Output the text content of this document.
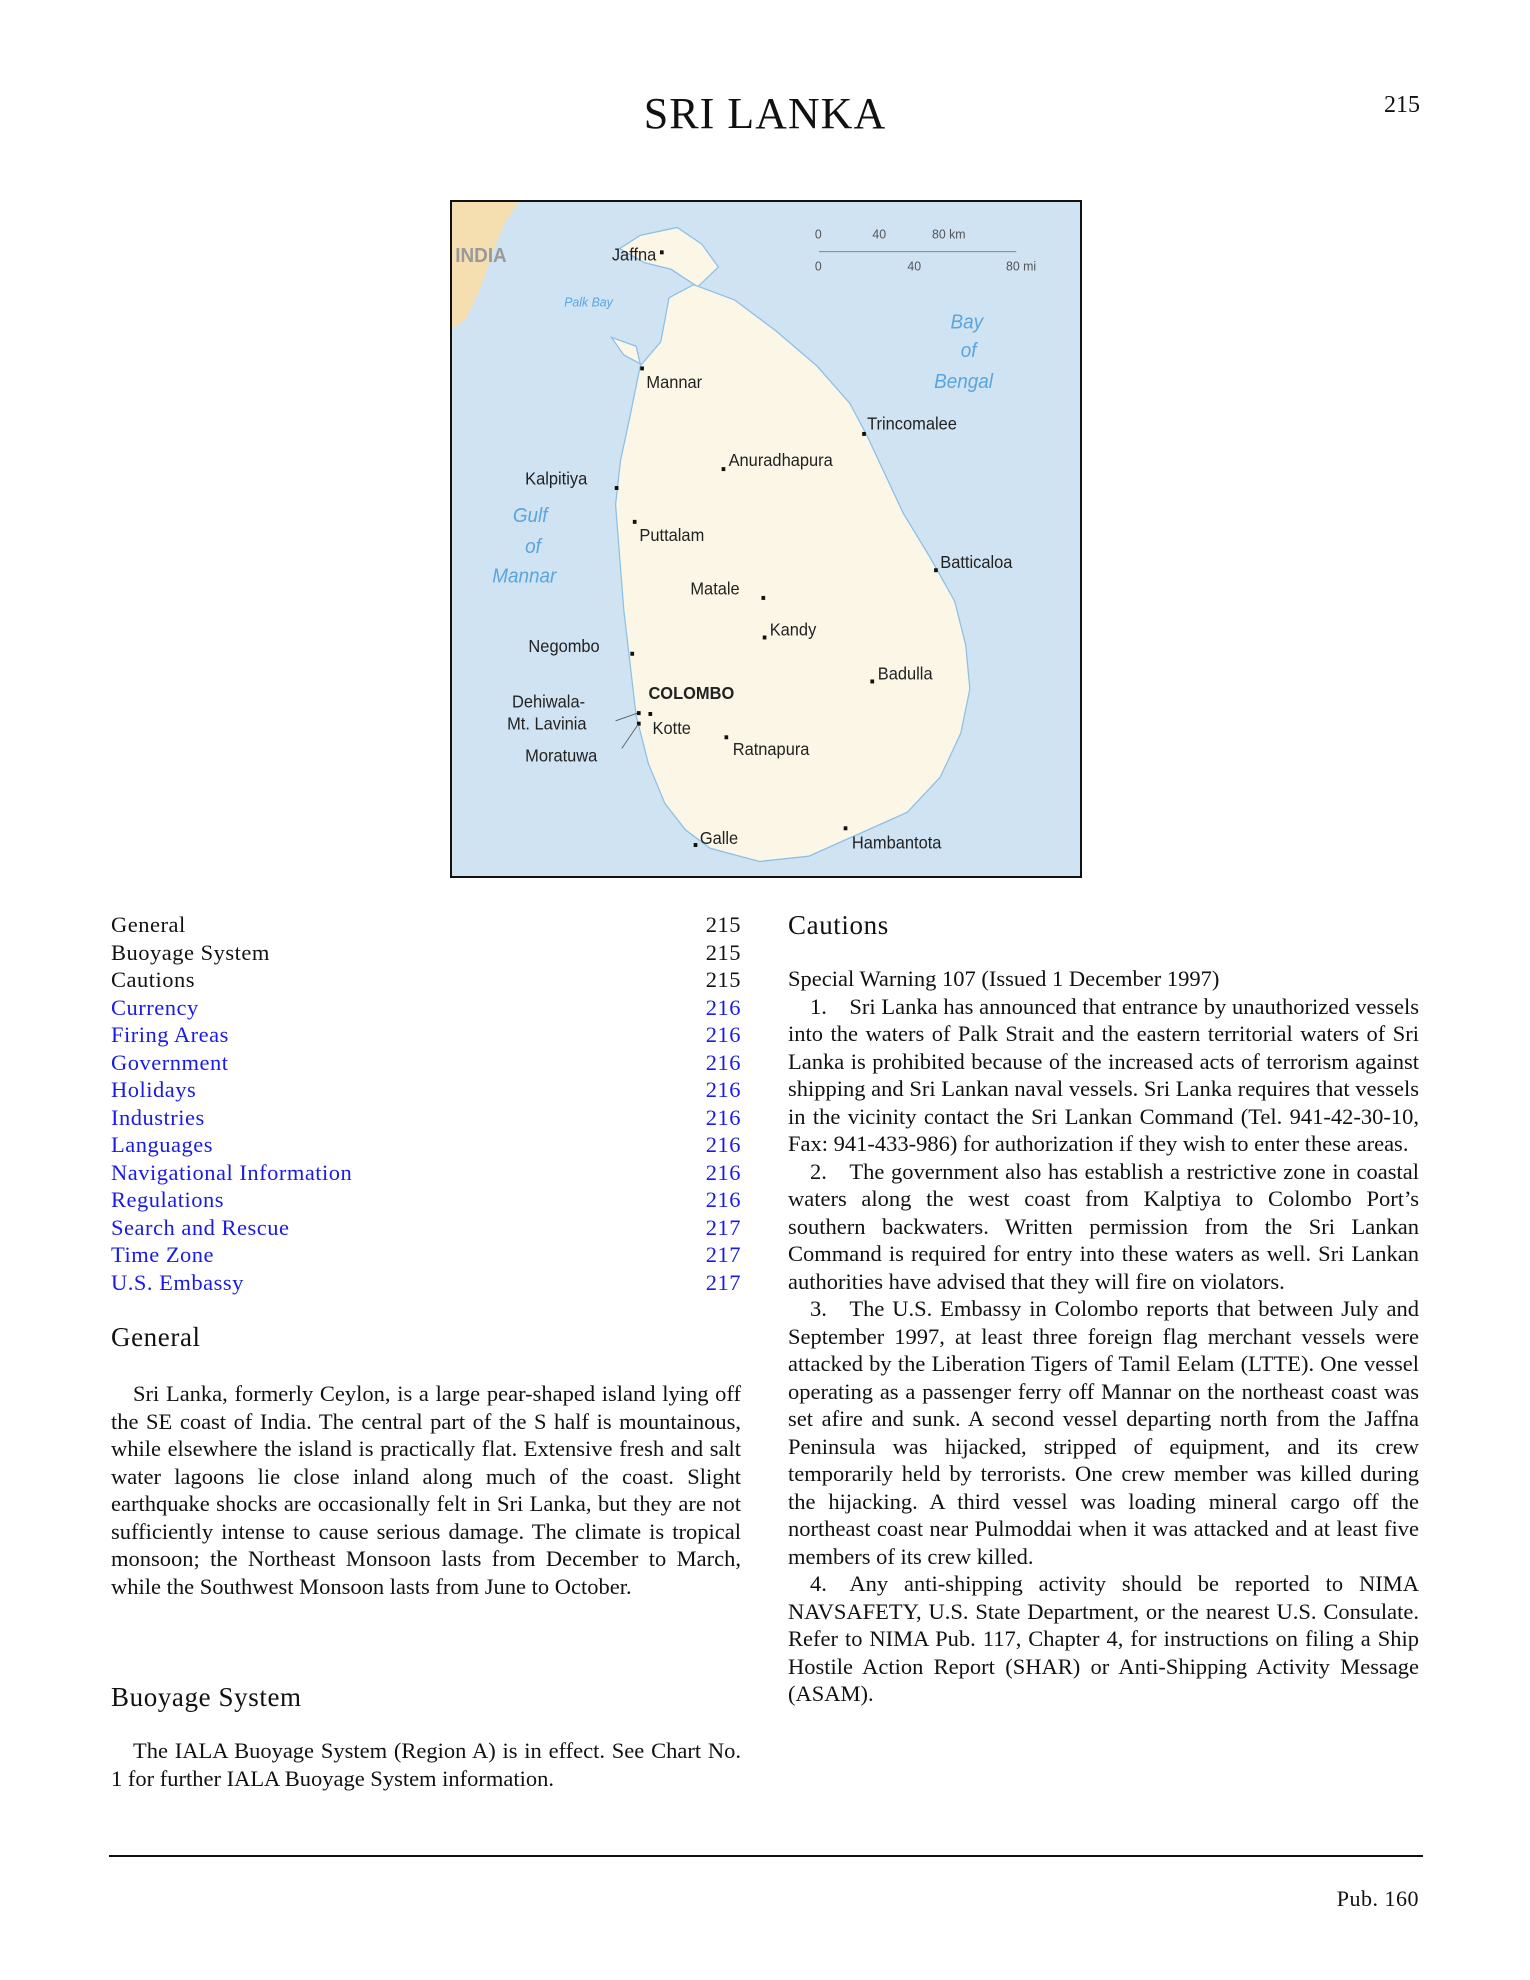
SRI LANKA	215
INDIA
Palk Bay
Bay
of
Bengal
Gulf
of
Mannar
0 40 80 km
0	40	80 mi
Jaffna
Mannar
Trincomalee
Anuradhapura
Kalpitiya
Puttalam
Batticaloa
Matale
Kandy
Negombo
Badulla
COLOMBO
Dehiwala-
Mt. Lavinia Kotte
Moratuwa	Ratnapura
Galle	Hambantota
General	215
Buoyage System	215
Cautions	215
Currency	216
Firing Areas	216
Government	216
Holidays	216
Industries	216
Languages	216
Navigational Information	216
Regulations	216
Search and Rescue	217
Time Zone	217
U.S. Embassy	217
General
Sri Lanka, formerly Ceylon, is a large pear-shaped island lying off the SE coast of India. The central part of the S half is mountainous, while elsewhere the island is practically flat. Extensive fresh and salt water lagoons lie close inland along much of the coast. Slight earthquake shocks are occasionally felt in Sri Lanka, but they are not sufficiently intense to cause serious damage. The climate is tropical monsoon; the Northeast Monsoon lasts from December to March, while the Southwest Monsoon lasts from June to October.
Buoyage System
The IALA Buoyage System (Region A) is in effect. See Chart No. 1 for further IALA Buoyage System information.
Cautions
Special Warning 107 (Issued 1 December 1997)
1. Sri Lanka has announced that entrance by unauthorized vessels into the waters of Palk Strait and the eastern territorial waters of Sri Lanka is prohibited because of the increased acts of terrorism against shipping and Sri Lankan naval vessels. Sri Lanka requires that vessels in the vicinity contact the Sri Lankan Command (Tel. 941-42-30-10, Fax: 941-433-986) for authorization if they wish to enter these areas.
2. The government also has establish a restrictive zone in coastal waters along the west coast from Kalptiya to Colombo Port’s southern backwaters. Written permission from the Sri Lankan Command is required for entry into these waters as well. Sri Lankan authorities have advised that they will fire on violators.
3. The U.S. Embassy in Colombo reports that between July and September 1997, at least three foreign flag merchant vessels were attacked by the Liberation Tigers of Tamil Eelam (LTTE). One vessel operating as a passenger ferry off Mannar on the northeast coast was set afire and sunk. A second vessel departing north from the Jaffna Peninsula was hijacked, stripped of equipment, and its crew temporarily held by terrorists. One crew member was killed during the hijacking. A third vessel was loading mineral cargo off the northeast coast near Pulmoddai when it was attacked and at least five members of its crew killed.
4. Any anti-shipping activity should be reported to NIMA NAVSAFETY, U.S. State Department, or the nearest U.S. Consulate. Refer to NIMA Pub. 117, Chapter 4, for instructions on filing a Ship Hostile Action Report (SHAR) or Anti-Shipping Activity Message (ASAM).
Pub. 160
